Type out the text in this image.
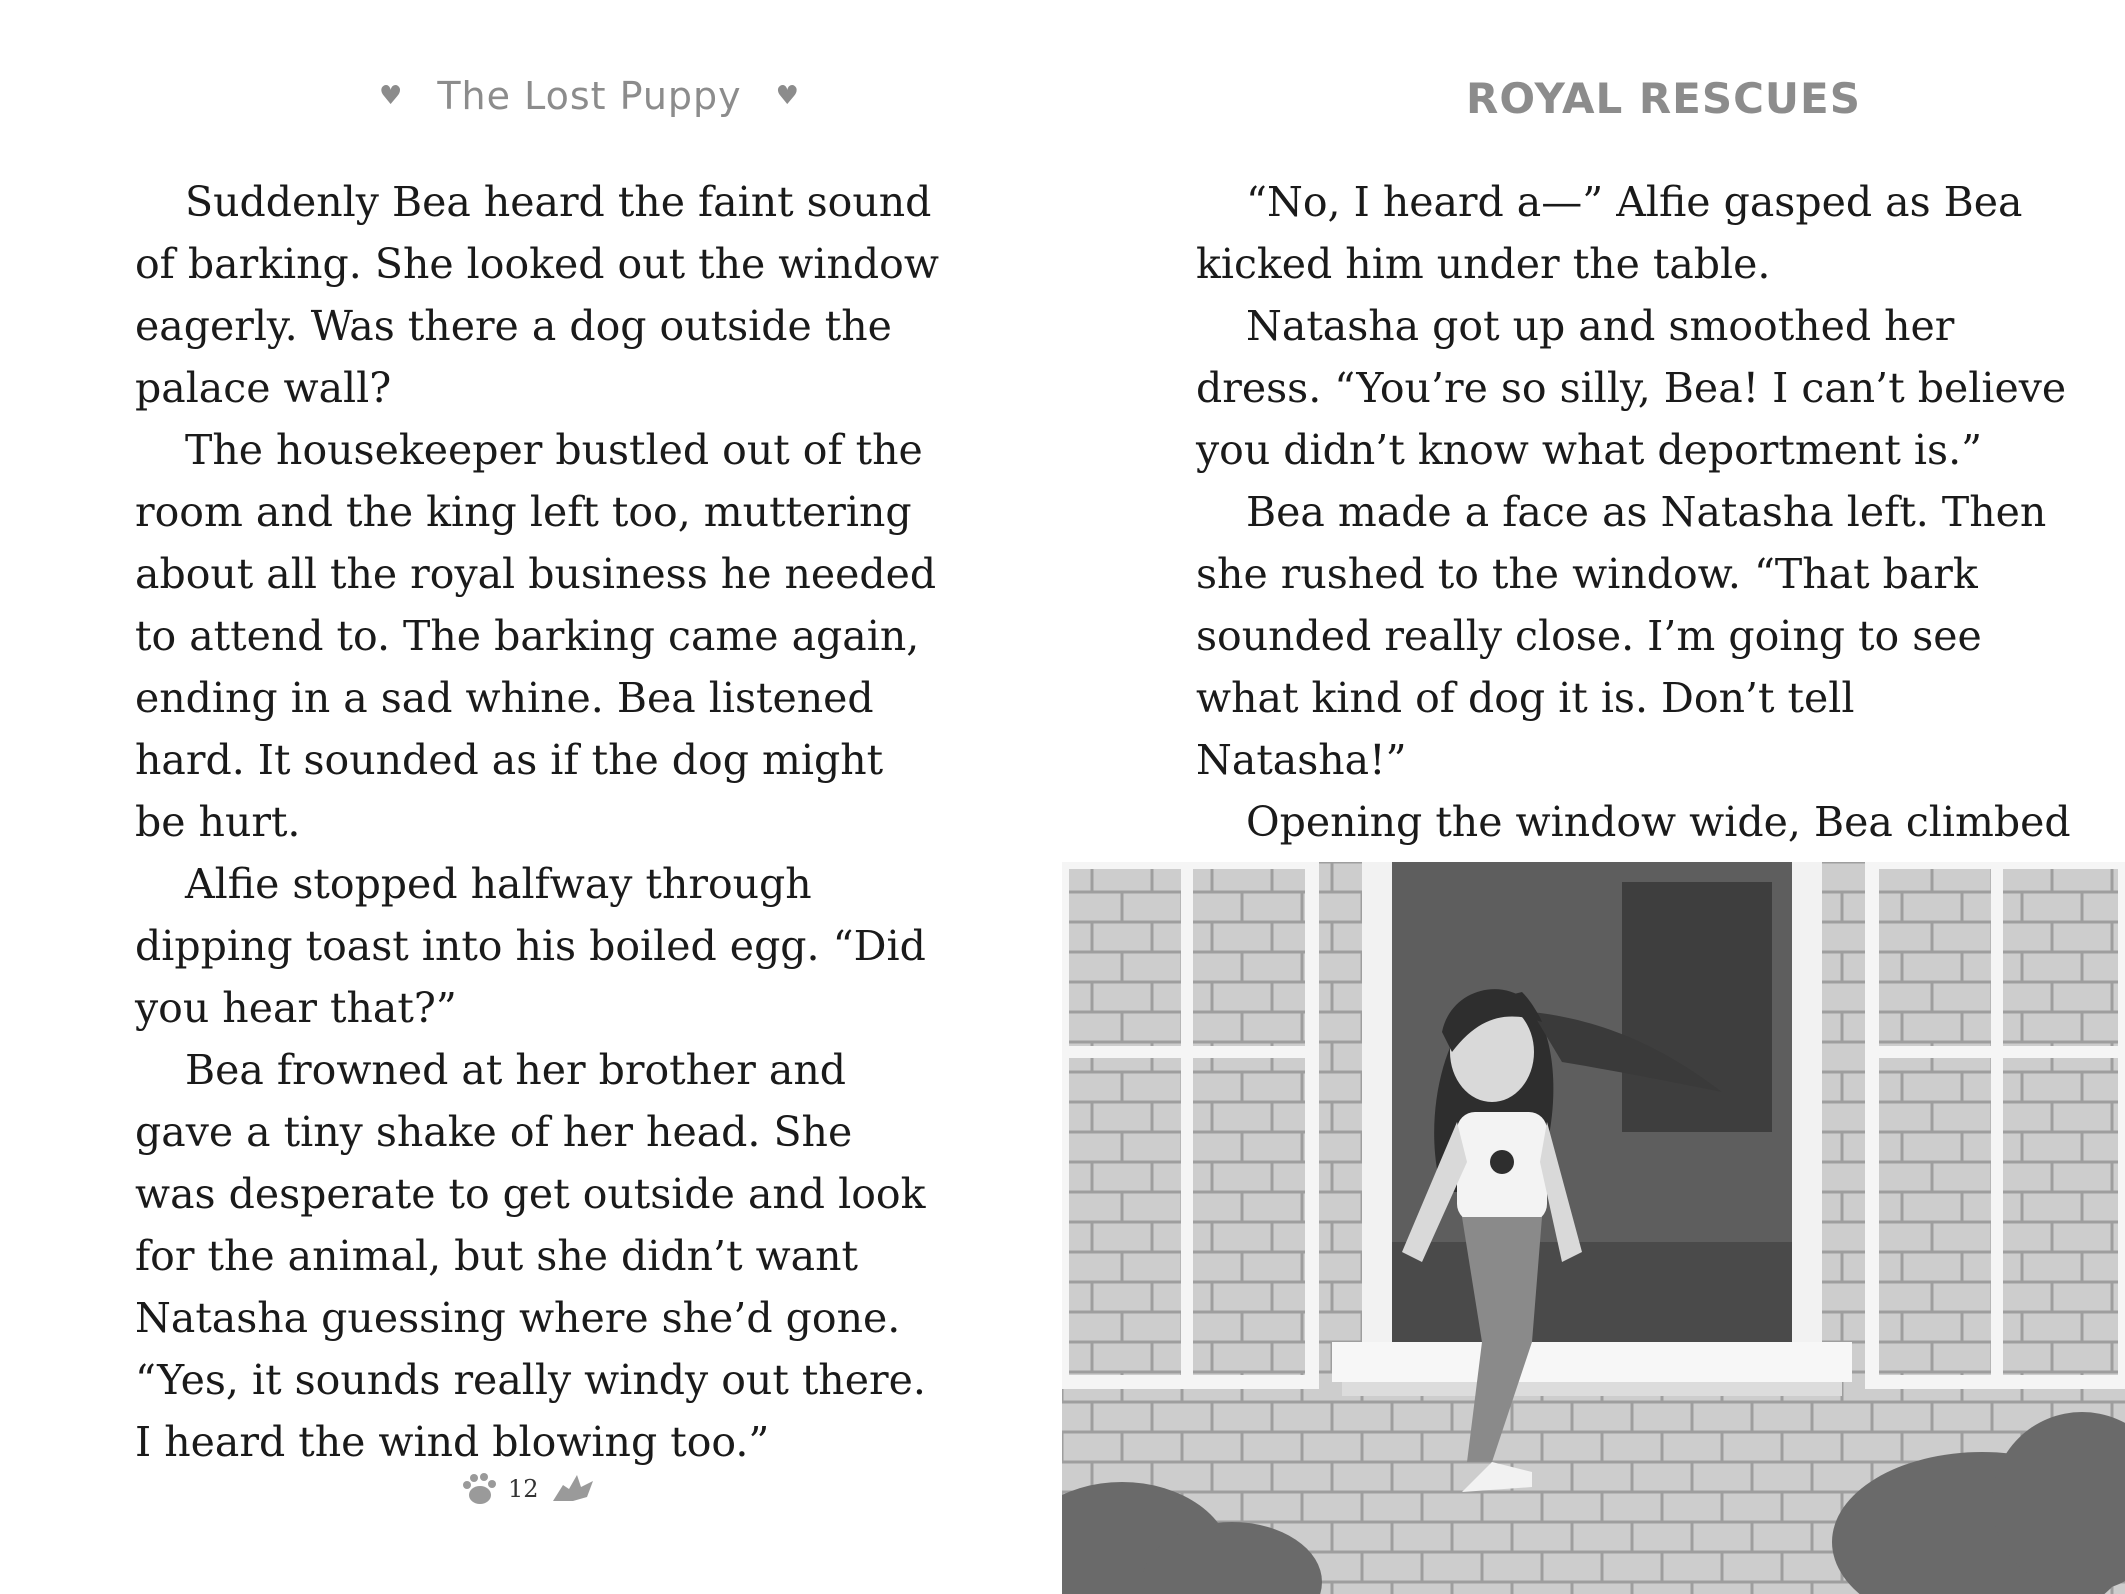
♥ The Lost Puppy ♥

Suddenly Bea heard the faint sound of barking. She looked out the window eagerly. Was there a dog outside the palace wall?

The housekeeper bustled out of the room and the king left too, muttering about all the royal business he needed to attend to. The barking came again, ending in a sad whine. Bea listened hard. It sounded as if the dog might be hurt.

Alfie stopped halfway through dipping toast into his boiled egg. “Did you hear that?”

Bea frowned at her brother and gave a tiny shake of her head. She was desperate to get outside and look for the animal, but she didn’t want Natasha guessing where she’d gone. “Yes, it sounds really windy out there. I heard the wind blowing too.”

12
ROYAL RESCUES

“No, I heard a—” Alfie gasped as Bea kicked him under the table.

Natasha got up and smoothed her dress. “You’re so silly, Bea! I can’t believe you didn’t know what deportment is.”

Bea made a face as Natasha left. Then she rushed to the window. “That bark sounded really close. I’m going to see what kind of dog it is. Don’t tell Natasha!”

Opening the window wide, Bea climbed
